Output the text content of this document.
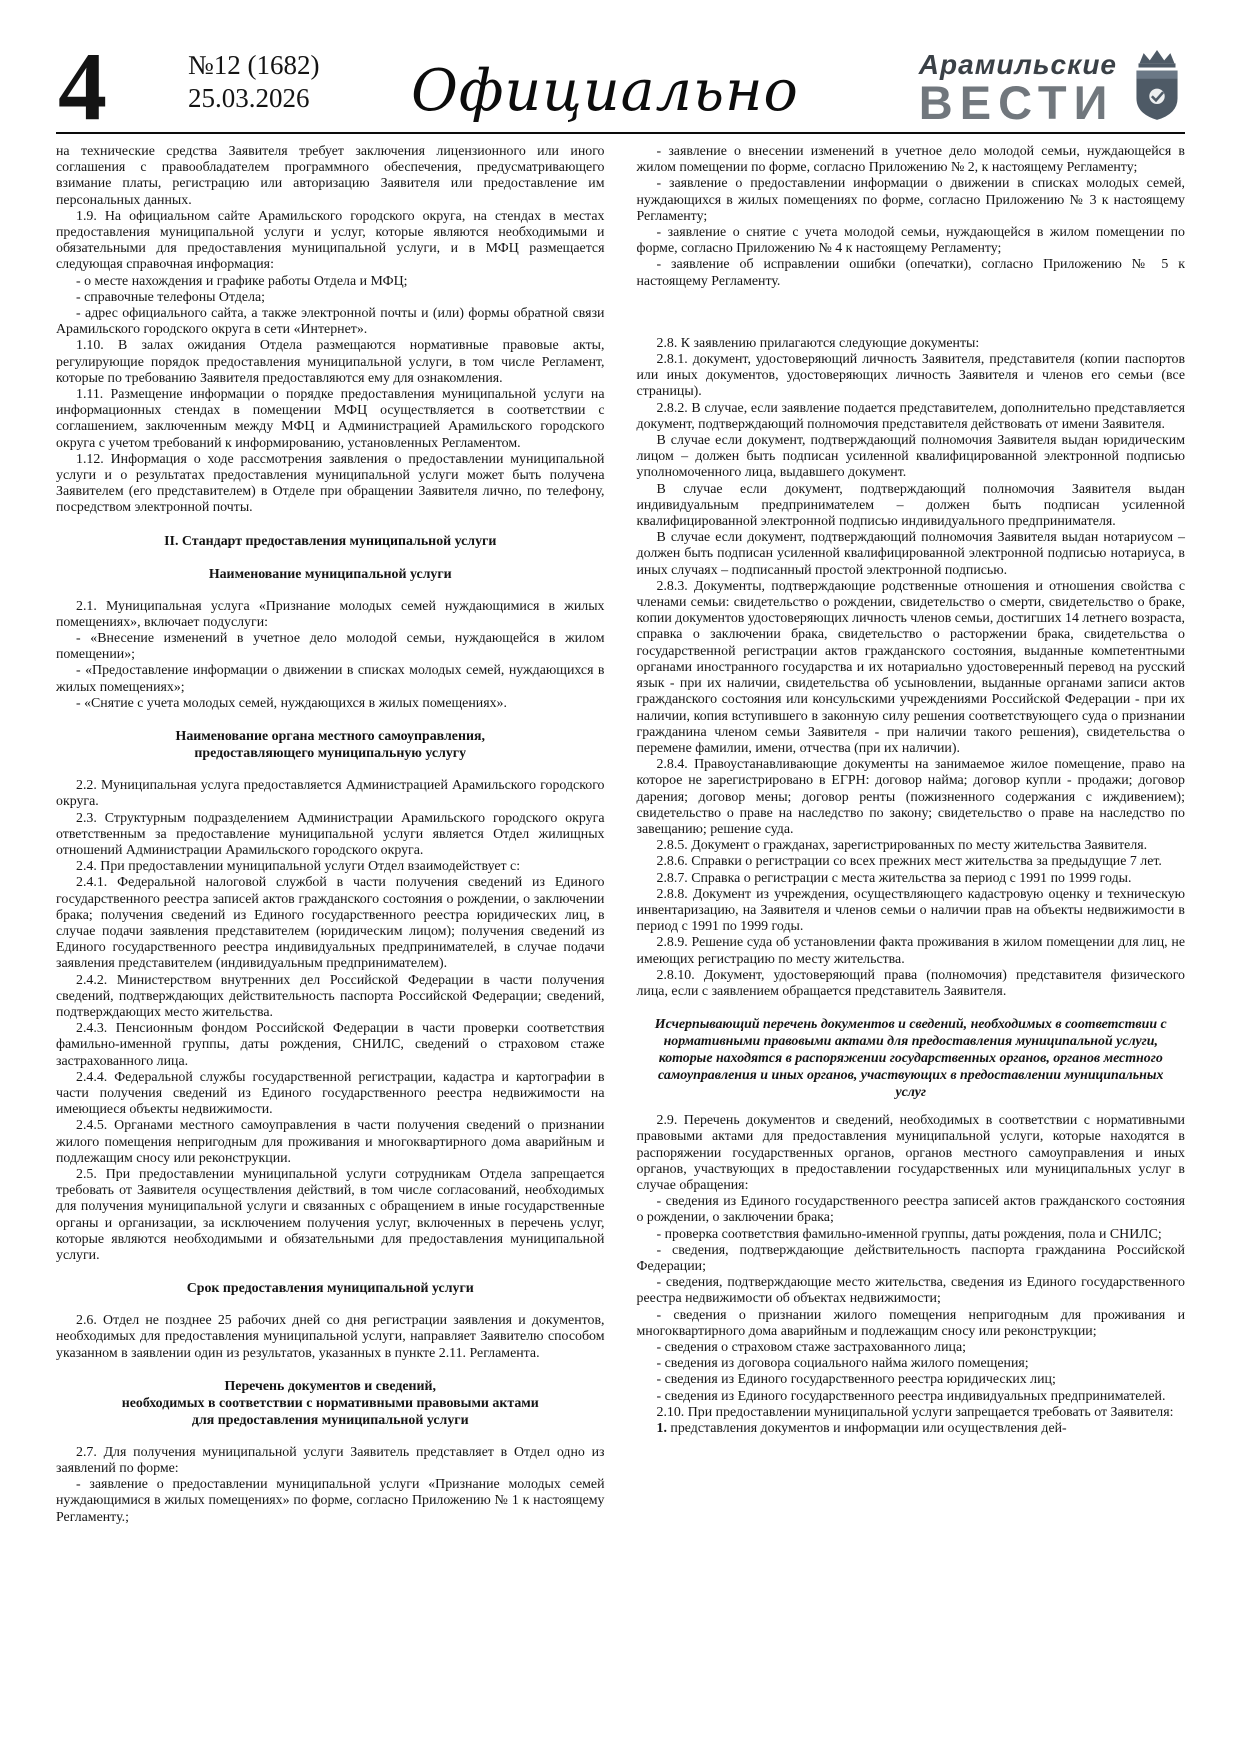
4	№12 (1682)
25.03.2026 Официально	Арамильские
ВЕСТИ

на технические средства Заявителя требует заключения лицензионного или иного соглашения с правообладателем программного обеспечения, предусматривающего взимание платы, регистрацию или авторизацию Заявителя или предоставление им персональных данных.

1.9. На официальном сайте Арамильского городского округа, на стендах в местах предоставления муниципальной услуги и услуг, которые являются необходимыми и обязательными для предоставления муниципальной услуги, и в МФЦ размещается следующая справочная информация:

- о месте нахождения и графике работы Отдела и МФЦ;

- справочные телефоны Отдела;

- адрес официального сайта, а также электронной почты и (или) формы обратной связи Арамильского городского округа в сети «Интернет».

1.10. В залах ожидания Отдела размещаются нормативные правовые акты, регулирующие порядок предоставления муниципальной услуги, в том числе Регламент, которые по требованию Заявителя предоставляются ему для ознакомления.

1.11. Размещение информации о порядке предоставления муниципальной услуги на информационных стендах в помещении МФЦ осуществляется в соответствии с соглашением, заключенным между МФЦ и Администрацией Арамильского городского округа с учетом требований к информированию, установленных Регламентом.

1.12. Информация о ходе рассмотрения заявления о предоставлении муниципальной услуги и о результатах предоставления муниципальной услуги может быть получена Заявителем (его представителем) в Отделе при обращении Заявителя лично, по телефону, посредством электронной почты.

II. Стандарт предоставления муниципальной услуги

Наименование муниципальной услуги

2.1. Муниципальная услуга «Признание молодых семей нуждающимися в жилых помещениях», включает подуслуги:

- «Внесение изменений в учетное дело молодой семьи, нуждающейся в жилом помещении»;

- «Предоставление информации о движении в списках молодых семей, нуждающихся в жилых помещениях»;

- «Снятие с учета молодых семей, нуждающихся в жилых помещениях».

Наименование органа местного самоуправления,
предоставляющего муниципальную услугу

2.2. Муниципальная услуга предоставляется Администрацией Арамильского городского округа.

2.3. Структурным подразделением Администрации Арамильского городского округа ответственным за предоставление муниципальной услуги является Отдел жилищных отношений Администрации Арамильского городского округа.

2.4. При предоставлении муниципальной услуги Отдел взаимодействует с:

2.4.1. Федеральной налоговой службой в части получения сведений из Единого государственного реестра записей актов гражданского состояния о рождении, о заключении брака; получения сведений из Единого государственного реестра юридических лиц, в случае подачи заявления представителем (юридическим лицом); получения сведений из Единого государственного реестра индивидуальных предпринимателей, в случае подачи заявления представителем (индивидуальным предпринимателем).

2.4.2. Министерством внутренних дел Российской Федерации в части получения сведений, подтверждающих действительность паспорта Российской Федерации; сведений, подтверждающих место жительства.

2.4.3. Пенсионным фондом Российской Федерации в части проверки соответствия фамильно-именной группы, даты рождения, СНИЛС, сведений о страховом стаже застрахованного лица.

2.4.4. Федеральной службы государственной регистрации, кадастра и картографии в части получения сведений из Единого государственного реестра недвижимости на имеющиеся объекты недвижимости.

2.4.5. Органами местного самоуправления в части получения сведений о признании жилого помещения непригодным для проживания и многоквартирного дома аварийным и подлежащим сносу или реконструкции.

2.5. При предоставлении муниципальной услуги сотрудникам Отдела запрещается требовать от Заявителя осуществления действий, в том числе согласований, необходимых для получения муниципальной услуги и связанных с обращением в иные государственные органы и организации, за исключением получения услуг, включенных в перечень услуг, которые являются необходимыми и обязательными для предоставления муниципальной услуги.

Срок предоставления муниципальной услуги

2.6. Отдел не позднее 25 рабочих дней со дня регистрации заявления и документов, необходимых для предоставления муниципальной услуги, направляет Заявителю способом указанном в заявлении один из результатов, указанных в пункте 2.11. Регламента.

Перечень документов и сведений,
необходимых в соответствии с нормативными правовыми актами
для предоставления муниципальной услуги

2.7. Для получения муниципальной услуги Заявитель представляет в Отдел одно из заявлений по форме:

- заявление о предоставлении муниципальной услуги «Признание молодых семей нуждающимися в жилых помещениях» по форме, согласно Приложению № 1 к настоящему Регламенту.;

- заявление о внесении изменений в учетное дело молодой семьи, нуждающейся в жилом помещении по форме, согласно Приложению № 2, к настоящему Регламенту;

- заявление о предоставлении информации о движении в списках молодых семей, нуждающихся в жилых помещениях по форме, согласно Приложению № 3 к настоящему Регламенту;

- заявление о снятие с учета молодой семьи, нуждающейся в жилом помещении по форме, согласно Приложению № 4 к настоящему Регламенту;

- заявление об исправлении ошибки (опечатки), согласно Приложению № 5 к настоящему Регламенту.

2.8. К заявлению прилагаются следующие документы:

2.8.1. документ, удостоверяющий личность Заявителя, представителя (копии паспортов или иных документов, удостоверяющих личность Заявителя и членов его семьи (все страницы).

2.8.2. В случае, если заявление подается представителем, дополнительно представляется документ, подтверждающий полномочия представителя действовать от имени Заявителя.

В случае если документ, подтверждающий полномочия Заявителя выдан юридическим лицом – должен быть подписан усиленной квалифицированной электронной подписью уполномоченного лица, выдавшего документ.

В случае если документ, подтверждающий полномочия Заявителя выдан индивидуальным предпринимателем – должен быть подписан усиленной квалифицированной электронной подписью индивидуального предпринимателя.

В случае если документ, подтверждающий полномочия Заявителя выдан нотариусом – должен быть подписан усиленной квалифицированной электронной подписью нотариуса, в иных случаях – подписанный простой электронной подписью.

2.8.3. Документы, подтверждающие родственные отношения и отношения свойства с членами семьи: свидетельство о рождении, свидетельство о смерти, свидетельство о браке, копии документов удостоверяющих личность членов семьи, достигших 14 летнего возраста, справка о заключении брака, свидетельство о расторжении брака, свидетельства о государственной регистрации актов гражданского состояния, выданные компетентными органами иностранного государства и их нотариально удостоверенный перевод на русский язык - при их наличии, свидетельства об усыновлении, выданные органами записи актов гражданского состояния или консульскими учреждениями Российской Федерации - при их наличии, копия вступившего в законную силу решения соответствующего суда о признании гражданина членом семьи Заявителя - при наличии такого решения), свидетельства о перемене фамилии, имени, отчества (при их наличии).

2.8.4. Правоустанавливающие документы на занимаемое жилое помещение, право на которое не зарегистрировано в ЕГРН: договор найма; договор купли - продажи; договор дарения; договор мены; договор ренты (пожизненного содержания с иждивением); свидетельство о праве на наследство по закону; свидетельство о праве на наследство по завещанию; решение суда.

2.8.5. Документ о гражданах, зарегистрированных по месту жительства Заявителя.

2.8.6. Справки о регистрации со всех прежних мест жительства за предыдущие 7 лет.

2.8.7. Справка о регистрации с места жительства за период с 1991 по 1999 годы.

2.8.8. Документ из учреждения, осуществляющего кадастровую оценку и техническую инвентаризацию, на Заявителя и членов семьи о наличии прав на объекты недвижимости в период с 1991 по 1999 годы.

2.8.9. Решение суда об установлении факта проживания в жилом помещении для лиц, не имеющих регистрацию по месту жительства.

2.8.10. Документ, удостоверяющий права (полномочия) представителя физического лица, если с заявлением обращается представитель Заявителя.

Исчерпывающий перечень документов и сведений, необходимых в соответствии с нормативными правовыми актами для предоставления муниципальной услуги, которые находятся в распоряжении государственных органов, органов местного самоуправления и иных органов, участвующих в предоставлении муниципальных услуг

2.9. Перечень документов и сведений, необходимых в соответствии с нормативными правовыми актами для предоставления муниципальной услуги, которые находятся в распоряжении государственных органов, органов местного самоуправления и иных органов, участвующих в предоставлении государственных или муниципальных услуг в случае обращения:

- сведения из Единого государственного реестра записей актов гражданского состояния о рождении, о заключении брака;

- проверка соответствия фамильно-именной группы, даты рождения, пола и СНИЛС;

- сведения, подтверждающие действительность паспорта гражданина Российской Федерации;

- сведения, подтверждающие место жительства, сведения из Единого государственного реестра недвижимости об объектах недвижимости;

- сведения о признании жилого помещения непригодным для проживания и многоквартирного дома аварийным и подлежащим сносу или реконструкции;

- сведения о страховом стаже застрахованного лица;

- сведения из договора социального найма жилого помещения;

- сведения из Единого государственного реестра юридических лиц;

- сведения из Единого государственного реестра индивидуальных предпринимателей.

2.10. При предоставлении муниципальной услуги запрещается требовать от Заявителя:

1. представления документов и информации или осуществления дей-
